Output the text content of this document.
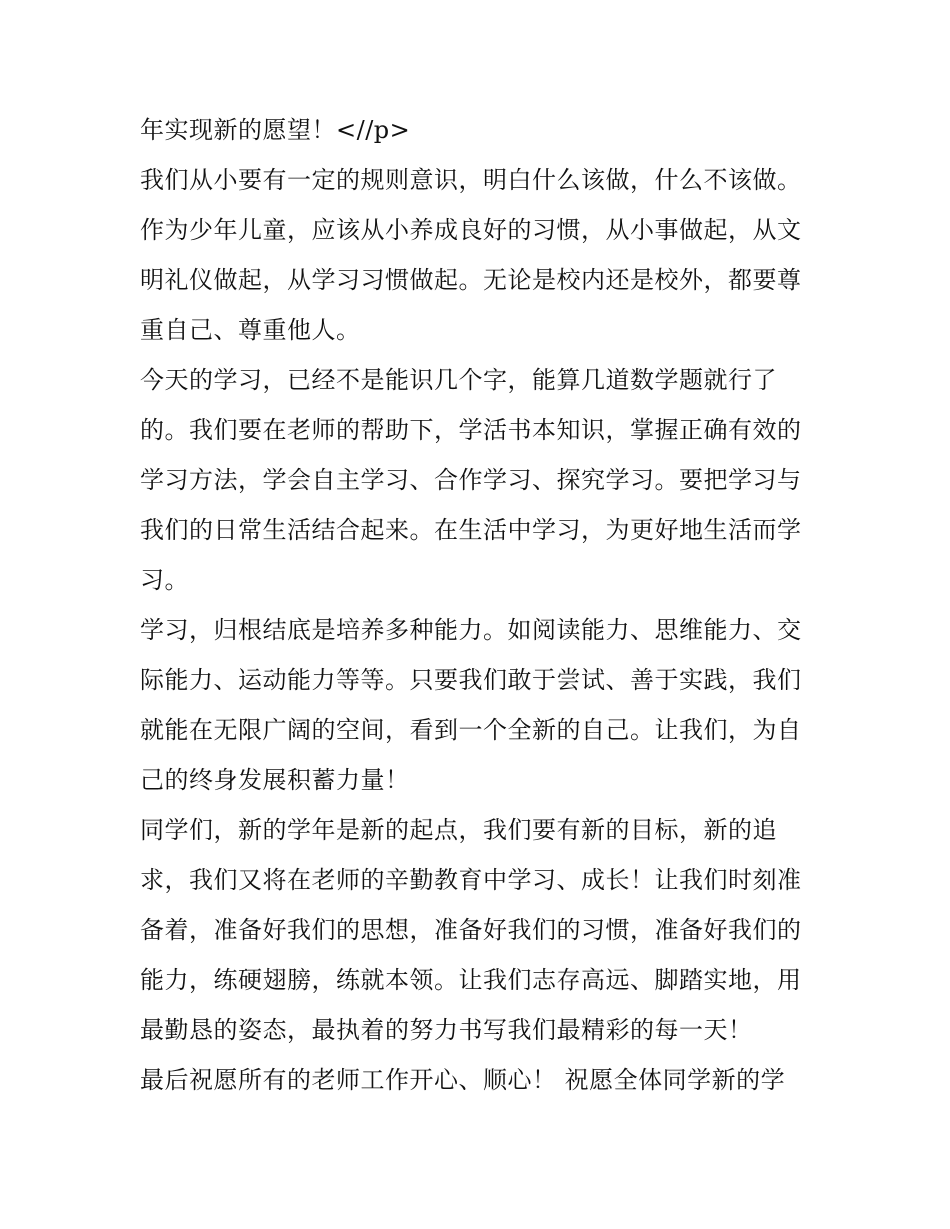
年实现新的愿望！<//p>
我们从小要有一定的规则意识，明白什么该做，什么不该做。
作为少年儿童，应该从小养成良好的习惯，从小事做起，从文
明礼仪做起，从学习习惯做起。无论是校内还是校外，都要尊
重自己、尊重他人。
今天的学习，已经不是能识几个字，能算几道数学题就行了
的。我们要在老师的帮助下，学活书本知识，掌握正确有效的
学习方法，学会自主学习、合作学习、探究学习。要把学习与
我们的日常生活结合起来。在生活中学习，为更好地生活而学
习。
学习，归根结底是培养多种能力。如阅读能力、思维能力、交
际能力、运动能力等等。只要我们敢于尝试、善于实践，我们
就能在无限广阔的空间，看到一个全新的自己。让我们，为自
己的终身发展积蓄力量！
同学们，新的学年是新的起点，我们要有新的目标，新的追
求，我们又将在老师的辛勤教育中学习、成长！让我们时刻准
备着，准备好我们的思想，准备好我们的习惯，准备好我们的
能力，练硬翅膀，练就本领。让我们志存高远、脚踏实地，用
最勤恳的姿态，最执着的努力书写我们最精彩的每一天！
最后祝愿所有的老师工作开心、顺心！ 祝愿全体同学新的学
